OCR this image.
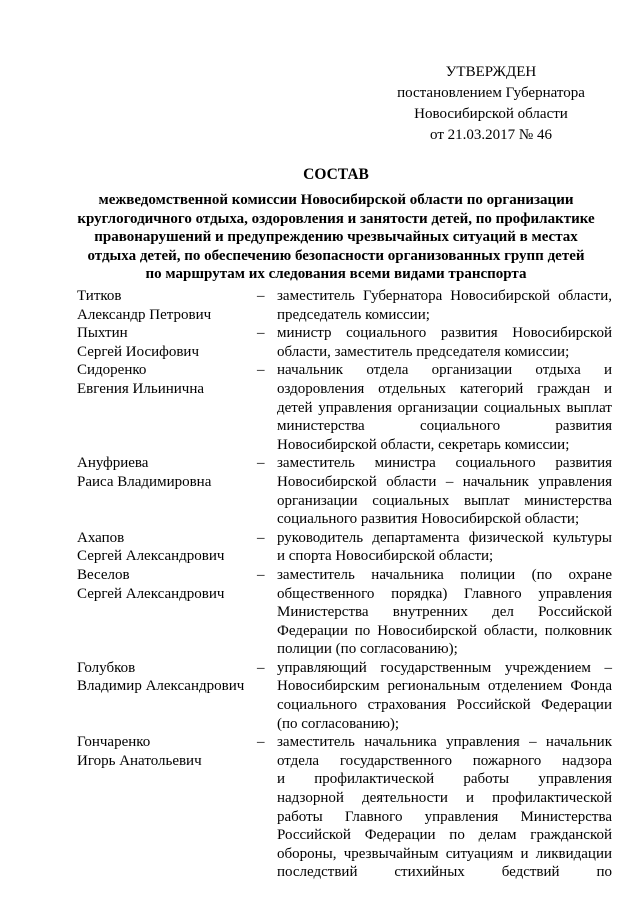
УТВЕРЖДЕН
постановлением Губернатора
Новосибирской области
от 21.03.2017 № 46
СОСТАВ
межведомственной комиссии Новосибирской области по организации
круглогодичного отдыха, оздоровления и занятости детей, по профилактике
правонарушений и предупреждению чрезвычайных ситуаций в местах
отдыха детей, по обеспечению безопасности организованных групп детей
по маршрутам их следования всеми видами транспорта
Титков
Александр Петрович
– заместитель Губернатора Новосибирской области,
председатель комиссии;
Пыхтин
Сергей Иосифович
– министр социального развития Новосибирской
области, заместитель председателя комиссии;
Сидоренко
Евгения Ильинична
– начальник отдела организации отдыха и
оздоровления отдельных категорий граждан и
детей управления организации социальных выплат
министерства социального развития
Новосибирской области, секретарь комиссии;
Ануфриева
Раиса Владимировна
– заместитель министра социального развития
Новосибирской области – начальник управления
организации социальных выплат министерства
социального развития Новосибирской области;
Ахапов
Сергей Александрович
– руководитель департамента физической культуры
и спорта Новосибирской области;
Веселов
Сергей Александрович
– заместитель начальника полиции (по охране
общественного порядка) Главного управления
Министерства внутренних дел Российской
Федерации по Новосибирской области, полковник
полиции (по согласованию);
Голубков
Владимир Александрович
– управляющий государственным учреждением –
Новосибирским региональным отделением Фонда
социального страхования Российской Федерации
(по согласованию);
Гончаренко
Игорь Анатольевич
– заместитель начальника управления – начальник
отдела государственного пожарного надзора
и профилактической работы управления
надзорной деятельности и профилактической
работы Главного управления Министерства
Российской Федерации по делам гражданской
обороны, чрезвычайным ситуациям и ликвидации
последствий стихийных бедствий по
